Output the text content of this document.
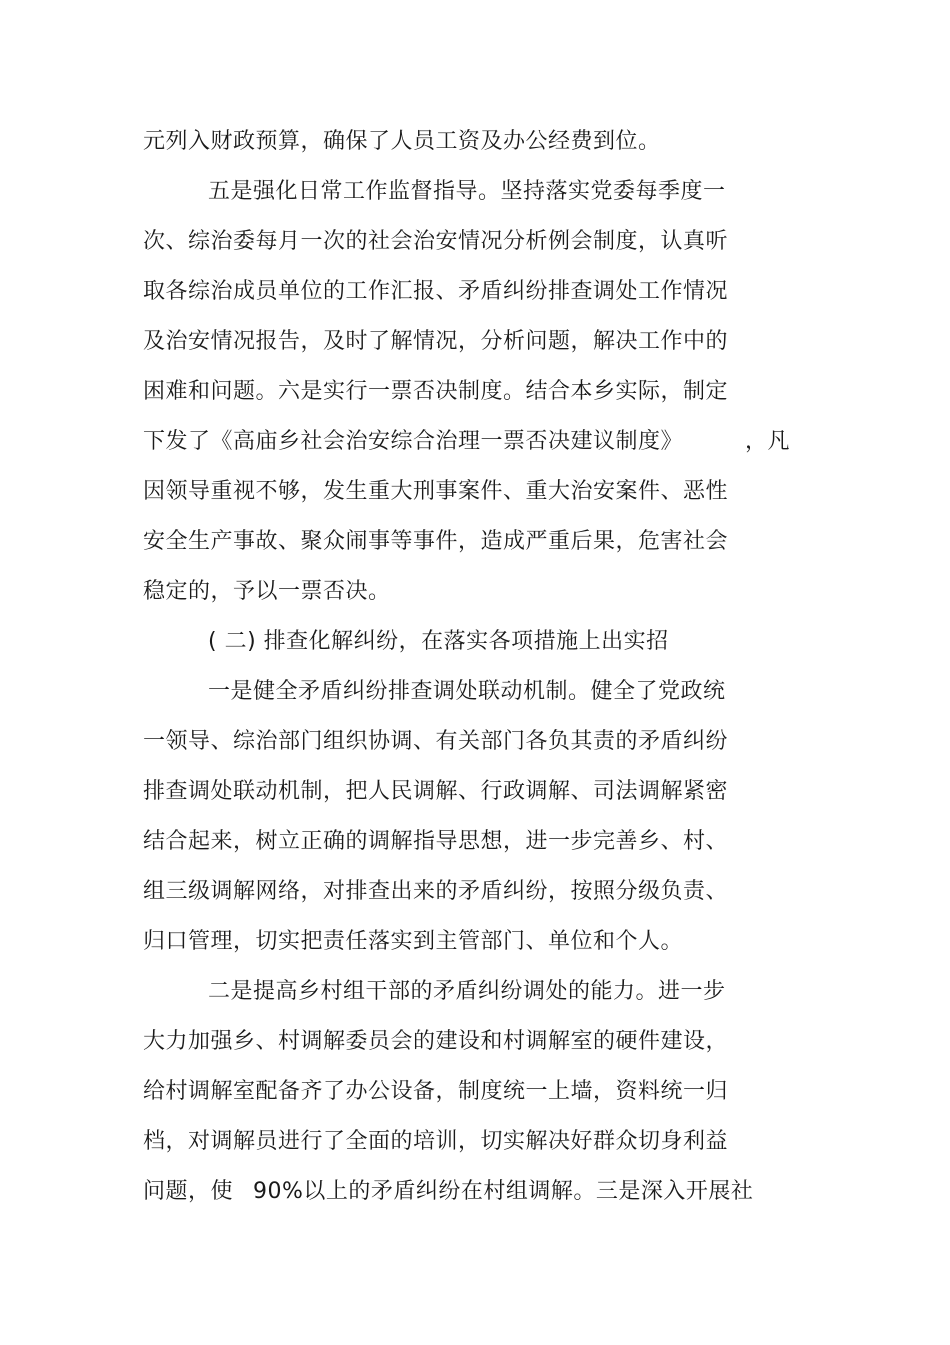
元列入财政预算，确保了人员工资及办公经费到位。
五是强化日常工作监督指导。坚持落实党委每季度一
次、综治委每月一次的社会治安情况分析例会制度，认真听
取各综治成员单位的工作汇报、矛盾纠纷排查调处工作情况
及治安情况报告，及时了解情况，分析问题，解决工作中的
困难和问题。六是实行一票否决制度。结合本乡实际，制定
下发了《高庙乡社会治安综合治理一票否决建议制度》	，凡
因领导重视不够，发生重大刑事案件、重大治安案件、恶性
安全生产事故、聚众闹事等事件，造成严重后果，危害社会
稳定的，予以一票否决。
( 二) 排查化解纠纷，在落实各项措施上出实招
一是健全矛盾纠纷排查调处联动机制。健全了党政统
一领导、综治部门组织协调、有关部门各负其责的矛盾纠纷
排查调处联动机制，把人民调解、行政调解、司法调解紧密
结合起来，树立正确的调解指导思想，进一步完善乡、村、
组三级调解网络，对排查出来的矛盾纠纷，按照分级负责、
归口管理，切实把责任落实到主管部门、单位和个人。
二是提高乡村组干部的矛盾纠纷调处的能力。进一步
大力加强乡、村调解委员会的建设和村调解室的硬件建设，
给村调解室配备齐了办公设备，制度统一上墙，资料统一归
档，对调解员进行了全面的培训，切实解决好群众切身利益
问题，使 90%以上的矛盾纠纷在村组调解。三是深入开展社
